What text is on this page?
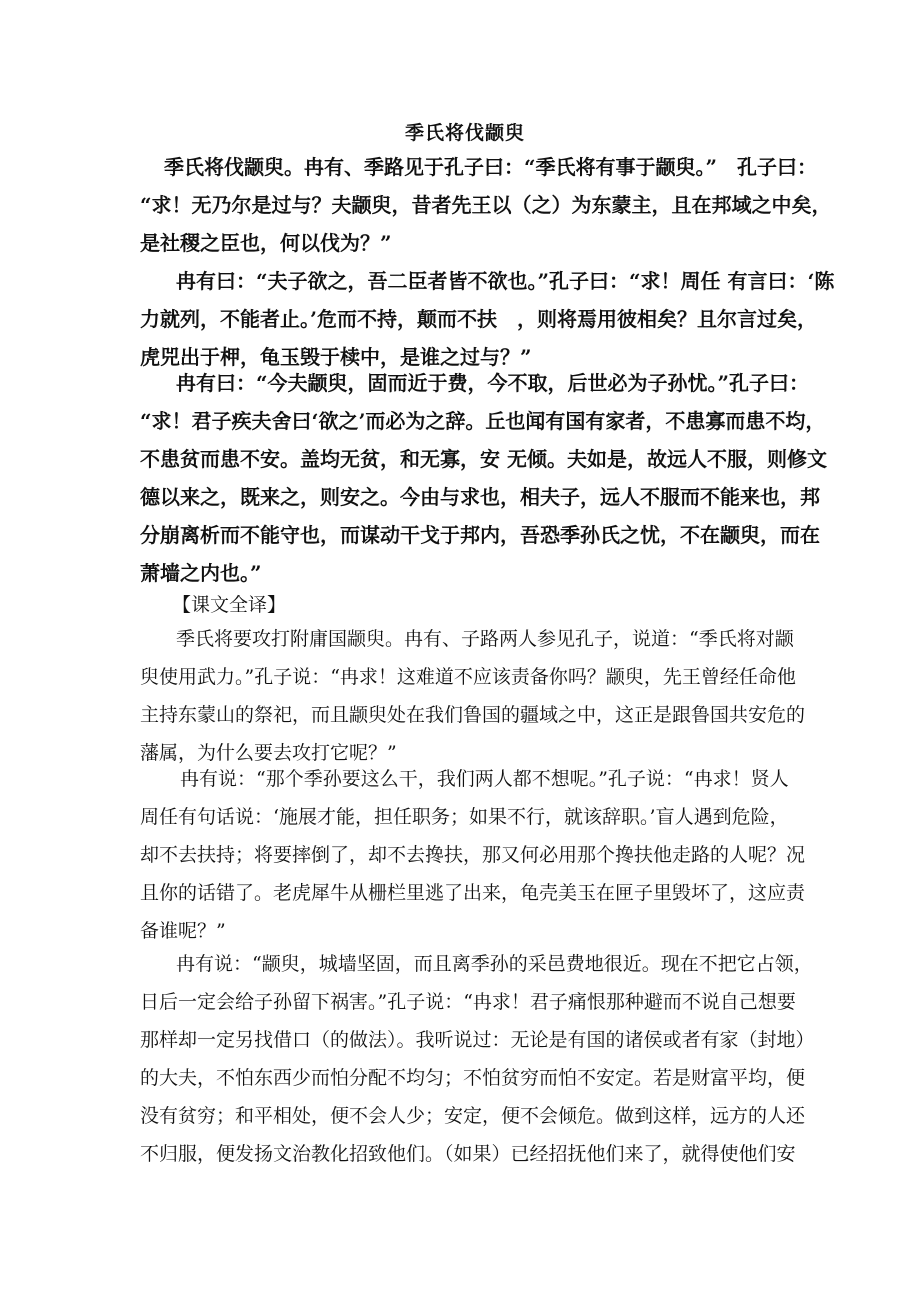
季氏将伐颛臾
季氏将伐颛臾。冉有、季路见于孔子曰：“季氏将有事于颛臾。”　孔子曰：
“求！无乃尔是过与？夫颛臾，昔者先王以（之）为东蒙主，且在邦域之中矣，
是社稷之臣也，何以伐为？”
冉有曰：“夫子欲之，吾二臣者皆不欲也。”孔子曰：“求！周任 有言曰：‘陈
力就列，不能者止。’危而不持，颠而不扶　，则将焉用彼相矣？且尔言过矣，
虎兕出于柙，龟玉毁于椟中，是谁之过与？”
冉有曰：“今夫颛臾，固而近于费，今不取，后世必为子孙忧。”孔子曰：
“求！君子疾夫舍曰‘欲之’而必为之辞。丘也闻有国有家者，不患寡而患不均，
不患贫而患不安。盖均无贫，和无寡，安 无倾。夫如是，故远人不服，则修文
德以来之，既来之，则安之。今由与求也，相夫子，远人不服而不能来也，邦
分崩离析而不能守也，而谋动干戈于邦内，吾恐季孙氏之忧，不在颛臾，而在
萧墙之内也。”
【课文全译】
季氏将要攻打附庸国颛臾。冉有、子路两人参见孔子，说道：“季氏将对颛
臾使用武力。”孔子说：“冉求！这难道不应该责备你吗？颛臾，先王曾经任命他
主持东蒙山的祭祀，而且颛臾处在我们鲁国的疆域之中，这正是跟鲁国共安危的
藩属，为什么要去攻打它呢？”
冉有说：“那个季孙要这么干，我们两人都不想呢。”孔子说：“冉求！贤人
周任有句话说：‘施展才能，担任职务；如果不行，就该辞职。’盲人遇到危险，
却不去扶持；将要摔倒了，却不去搀扶，那又何必用那个搀扶他走路的人呢？况
且你的话错了。老虎犀牛从栅栏里逃了出来，龟壳美玉在匣子里毁坏了，这应责
备谁呢？”
冉有说：“颛臾，城墙坚固，而且离季孙的采邑费地很近。现在不把它占领，
日后一定会给子孙留下祸害。”孔子说：“冉求！君子痛恨那种避而不说自己想要
那样却一定另找借口（的做法）。我听说过：无论是有国的诸侯或者有家（封地）
的大夫，不怕东西少而怕分配不均匀；不怕贫穷而怕不安定。若是财富平均，便
没有贫穷；和平相处，便不会人少；安定，便不会倾危。做到这样，远方的人还
不归服，便发扬文治教化招致他们。（如果）已经招抚他们来了，就得使他们安
